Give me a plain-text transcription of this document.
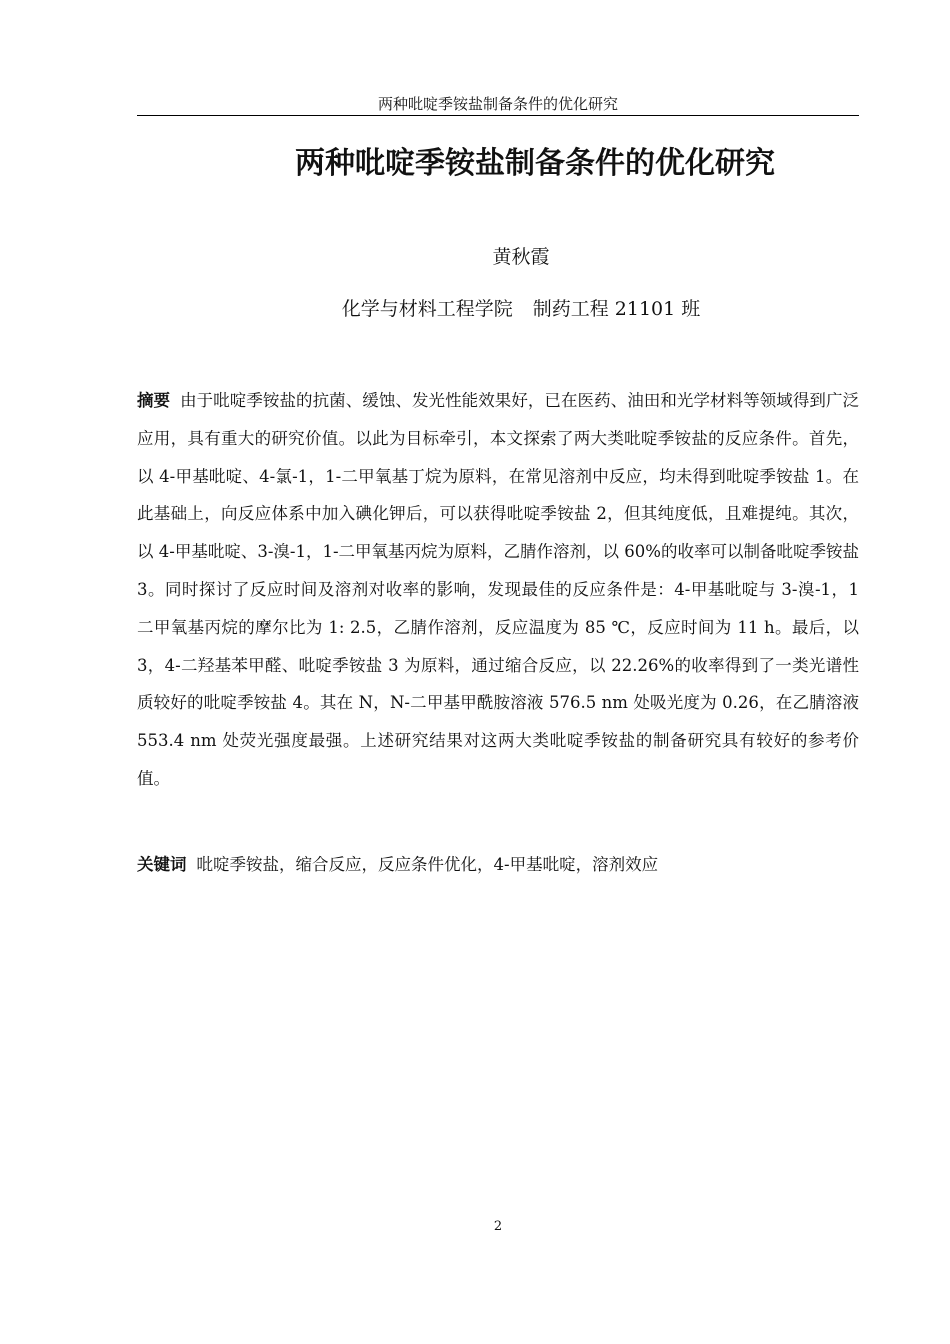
两种吡啶季铵盐制备条件的优化研究
两种吡啶季铵盐制备条件的优化研究
黄秋霞
化学与材料工程学院 制药工程 21101 班

摘要 由于吡啶季铵盐的抗菌、缓蚀、发光性能效果好，已在医药、油田和光学材料等领域得到广泛应用，具有重大的研究价值。以此为目标牵引，本文探索了两大类吡啶季铵盐的反应条件。首先，以 4-甲基吡啶、4-氯-1，1-二甲氧基丁烷为原料，在常见溶剂中反应，均未得到吡啶季铵盐 1。在此基础上，向反应体系中加入碘化钾后，可以获得吡啶季铵盐 2，但其纯度低，且难提纯。其次，以 4-甲基吡啶、3-溴-1，1-二甲氧基丙烷为原料，乙腈作溶剂，以 60%的收率可以制备吡啶季铵盐 3。同时探讨了反应时间及溶剂对收率的影响，发现最佳的反应条件是：4-甲基吡啶与 3-溴-1，1 二甲氧基丙烷的摩尔比为 1: 2.5，乙腈作溶剂，反应温度为 85 ℃，反应时间为 11 h。最后，以 3，4-二羟基苯甲醛、吡啶季铵盐 3 为原料，通过缩合反应，以 22.26%的收率得到了一类光谱性质较好的吡啶季铵盐 4。其在 N，N-二甲基甲酰胺溶液 576.5 nm 处吸光度为 0.26，在乙腈溶液 553.4 nm 处荧光强度最强。上述研究结果对这两大类吡啶季铵盐的制备研究具有较好的参考价值。

关键词 吡啶季铵盐，缩合反应，反应条件优化，4-甲基吡啶，溶剂效应

2
